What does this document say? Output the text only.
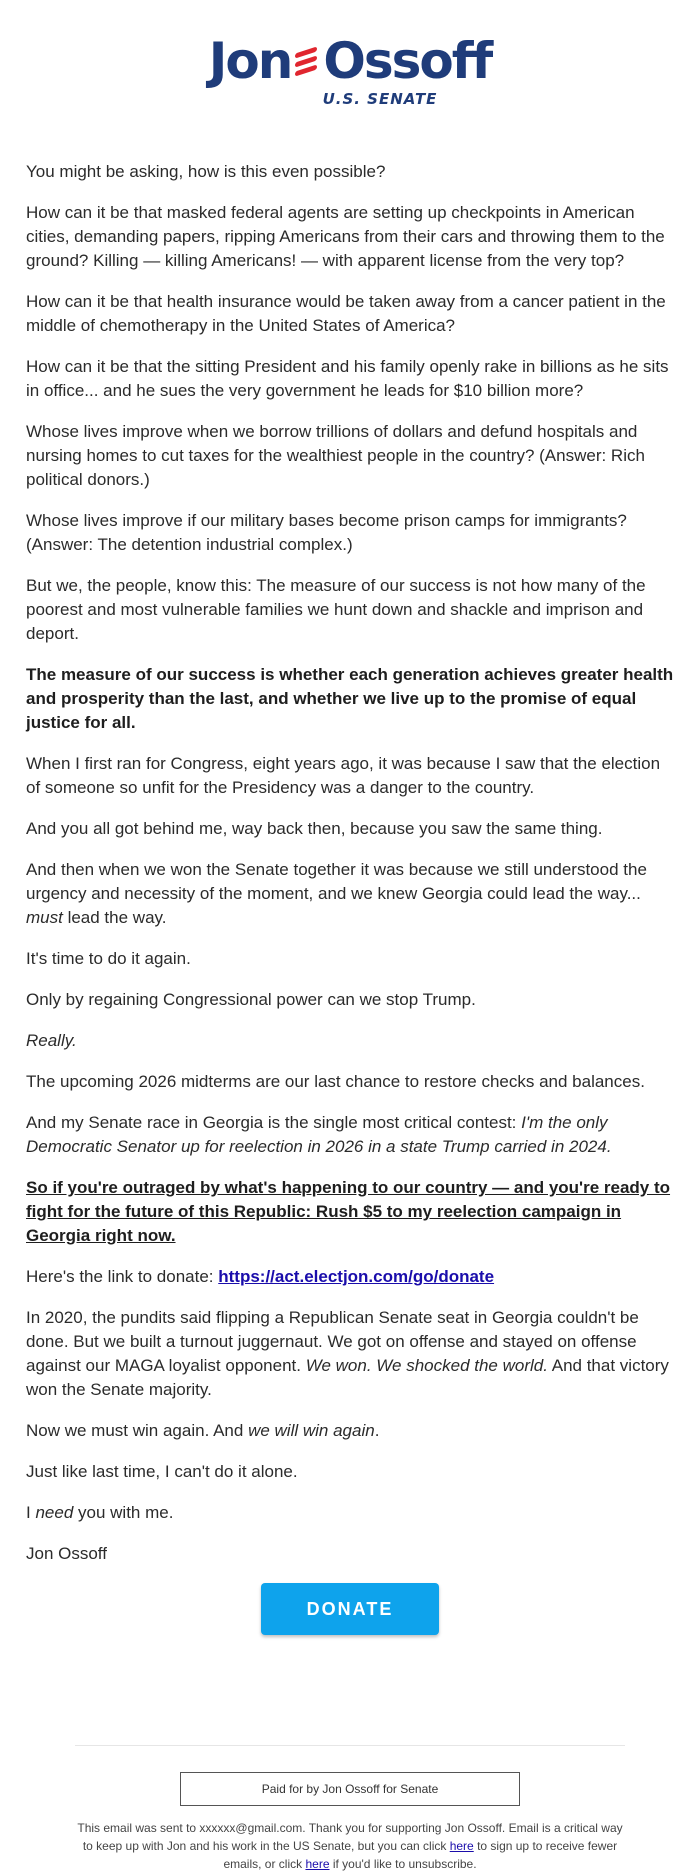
Jon Ossoff
U.S. SENATE

You might be asking, how is this even possible?

How can it be that masked federal agents are setting up checkpoints in American cities, demanding papers, ripping Americans from their cars and throwing them to the ground? Killing — killing Americans! — with apparent license from the very top?

How can it be that health insurance would be taken away from a cancer patient in the middle of chemotherapy in the United States of America?

How can it be that the sitting President and his family openly rake in billions as he sits in office... and he sues the very government he leads for $10 billion more?

Whose lives improve when we borrow trillions of dollars and defund hospitals and nursing homes to cut taxes for the wealthiest people in the country? (Answer: Rich political donors.)

Whose lives improve if our military bases become prison camps for immigrants? (Answer: The detention industrial complex.)

But we, the people, know this: The measure of our success is not how many of the poorest and most vulnerable families we hunt down and shackle and imprison and deport.

The measure of our success is whether each generation achieves greater health and prosperity than the last, and whether we live up to the promise of equal justice for all.

When I first ran for Congress, eight years ago, it was because I saw that the election of someone so unfit for the Presidency was a danger to the country.

And you all got behind me, way back then, because you saw the same thing.

And then when we won the Senate together it was because we still understood the urgency and necessity of the moment, and we knew Georgia could lead the way...
must lead the way.

It's time to do it again.

Only by regaining Congressional power can we stop Trump.

Really.

The upcoming 2026 midterms are our last chance to restore checks and balances.

And my Senate race in Georgia is the single most critical contest: I'm the only Democratic Senator up for reelection in 2026 in a state Trump carried in 2024.

So if you're outraged by what's happening to our country — and you're ready to fight for the future of this Republic: Rush $5 to my reelection campaign in Georgia right now.

Here's the link to donate: https://act.electjon.com/go/donate

In 2020, the pundits said flipping a Republican Senate seat in Georgia couldn't be done. But we built a turnout juggernaut. We got on offense and stayed on offense against our MAGA loyalist opponent. We won. We shocked the world. And that victory won the Senate majority.

Now we must win again. And we will win again.

Just like last time, I can't do it alone.

I need you with me.

Jon Ossoff

DONATE
Paid for by Jon Ossoff for Senate
This email was sent to xxxxxx@gmail.com. Thank you for supporting Jon Ossoff. Email is a critical way to keep up with Jon and his work in the US Senate, but you can click here to sign up to receive fewer emails, or click here if you'd like to unsubscribe.
